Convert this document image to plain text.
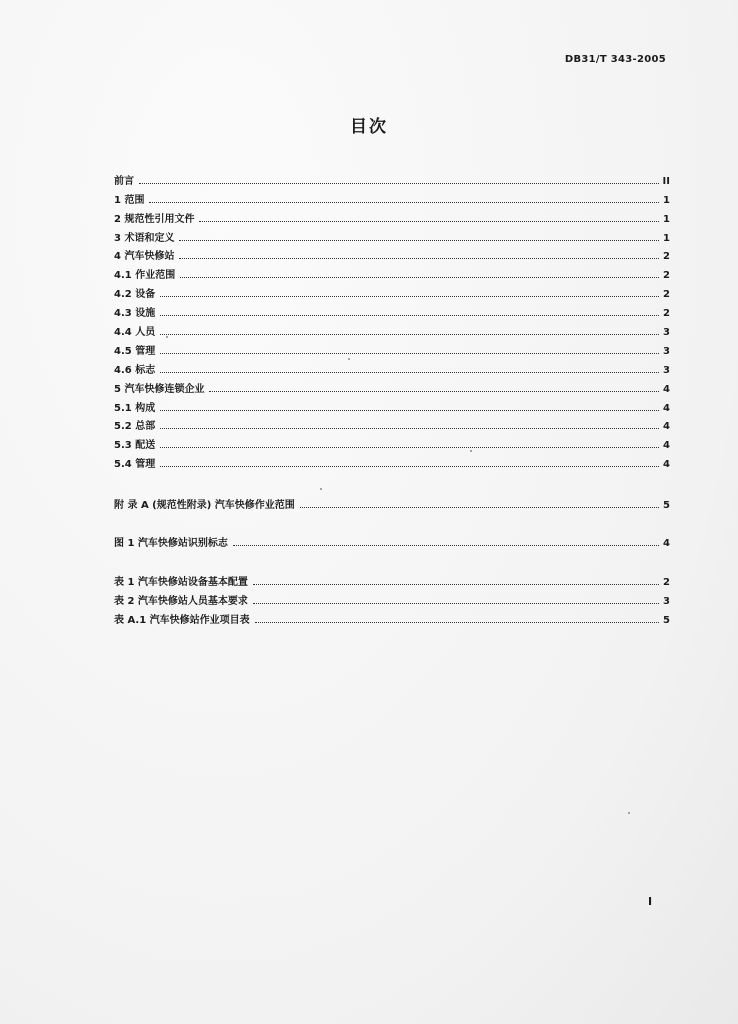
DB31/T 343-2005
目次
前言	II
1 范围	1
2 规范性引用文件	1
3 术语和定义	1
4 汽车快修站	2
4.1 作业范围	2
4.2 设备	2
4.3 设施	2
4.4 人员	3
4.5 管理	3
4.6 标志	3
5 汽车快修连锁企业	4
5.1 构成	4
5.2 总部	4
5.3 配送	4
5.4 管理	4
附 录 A (规范性附录) 汽车快修作业范围	5
图 1 汽车快修站识别标志	4
表 1 汽车快修站设备基本配置	2
表 2 汽车快修站人员基本要求	3
表 A.1 汽车快修站作业项目表	5
I
